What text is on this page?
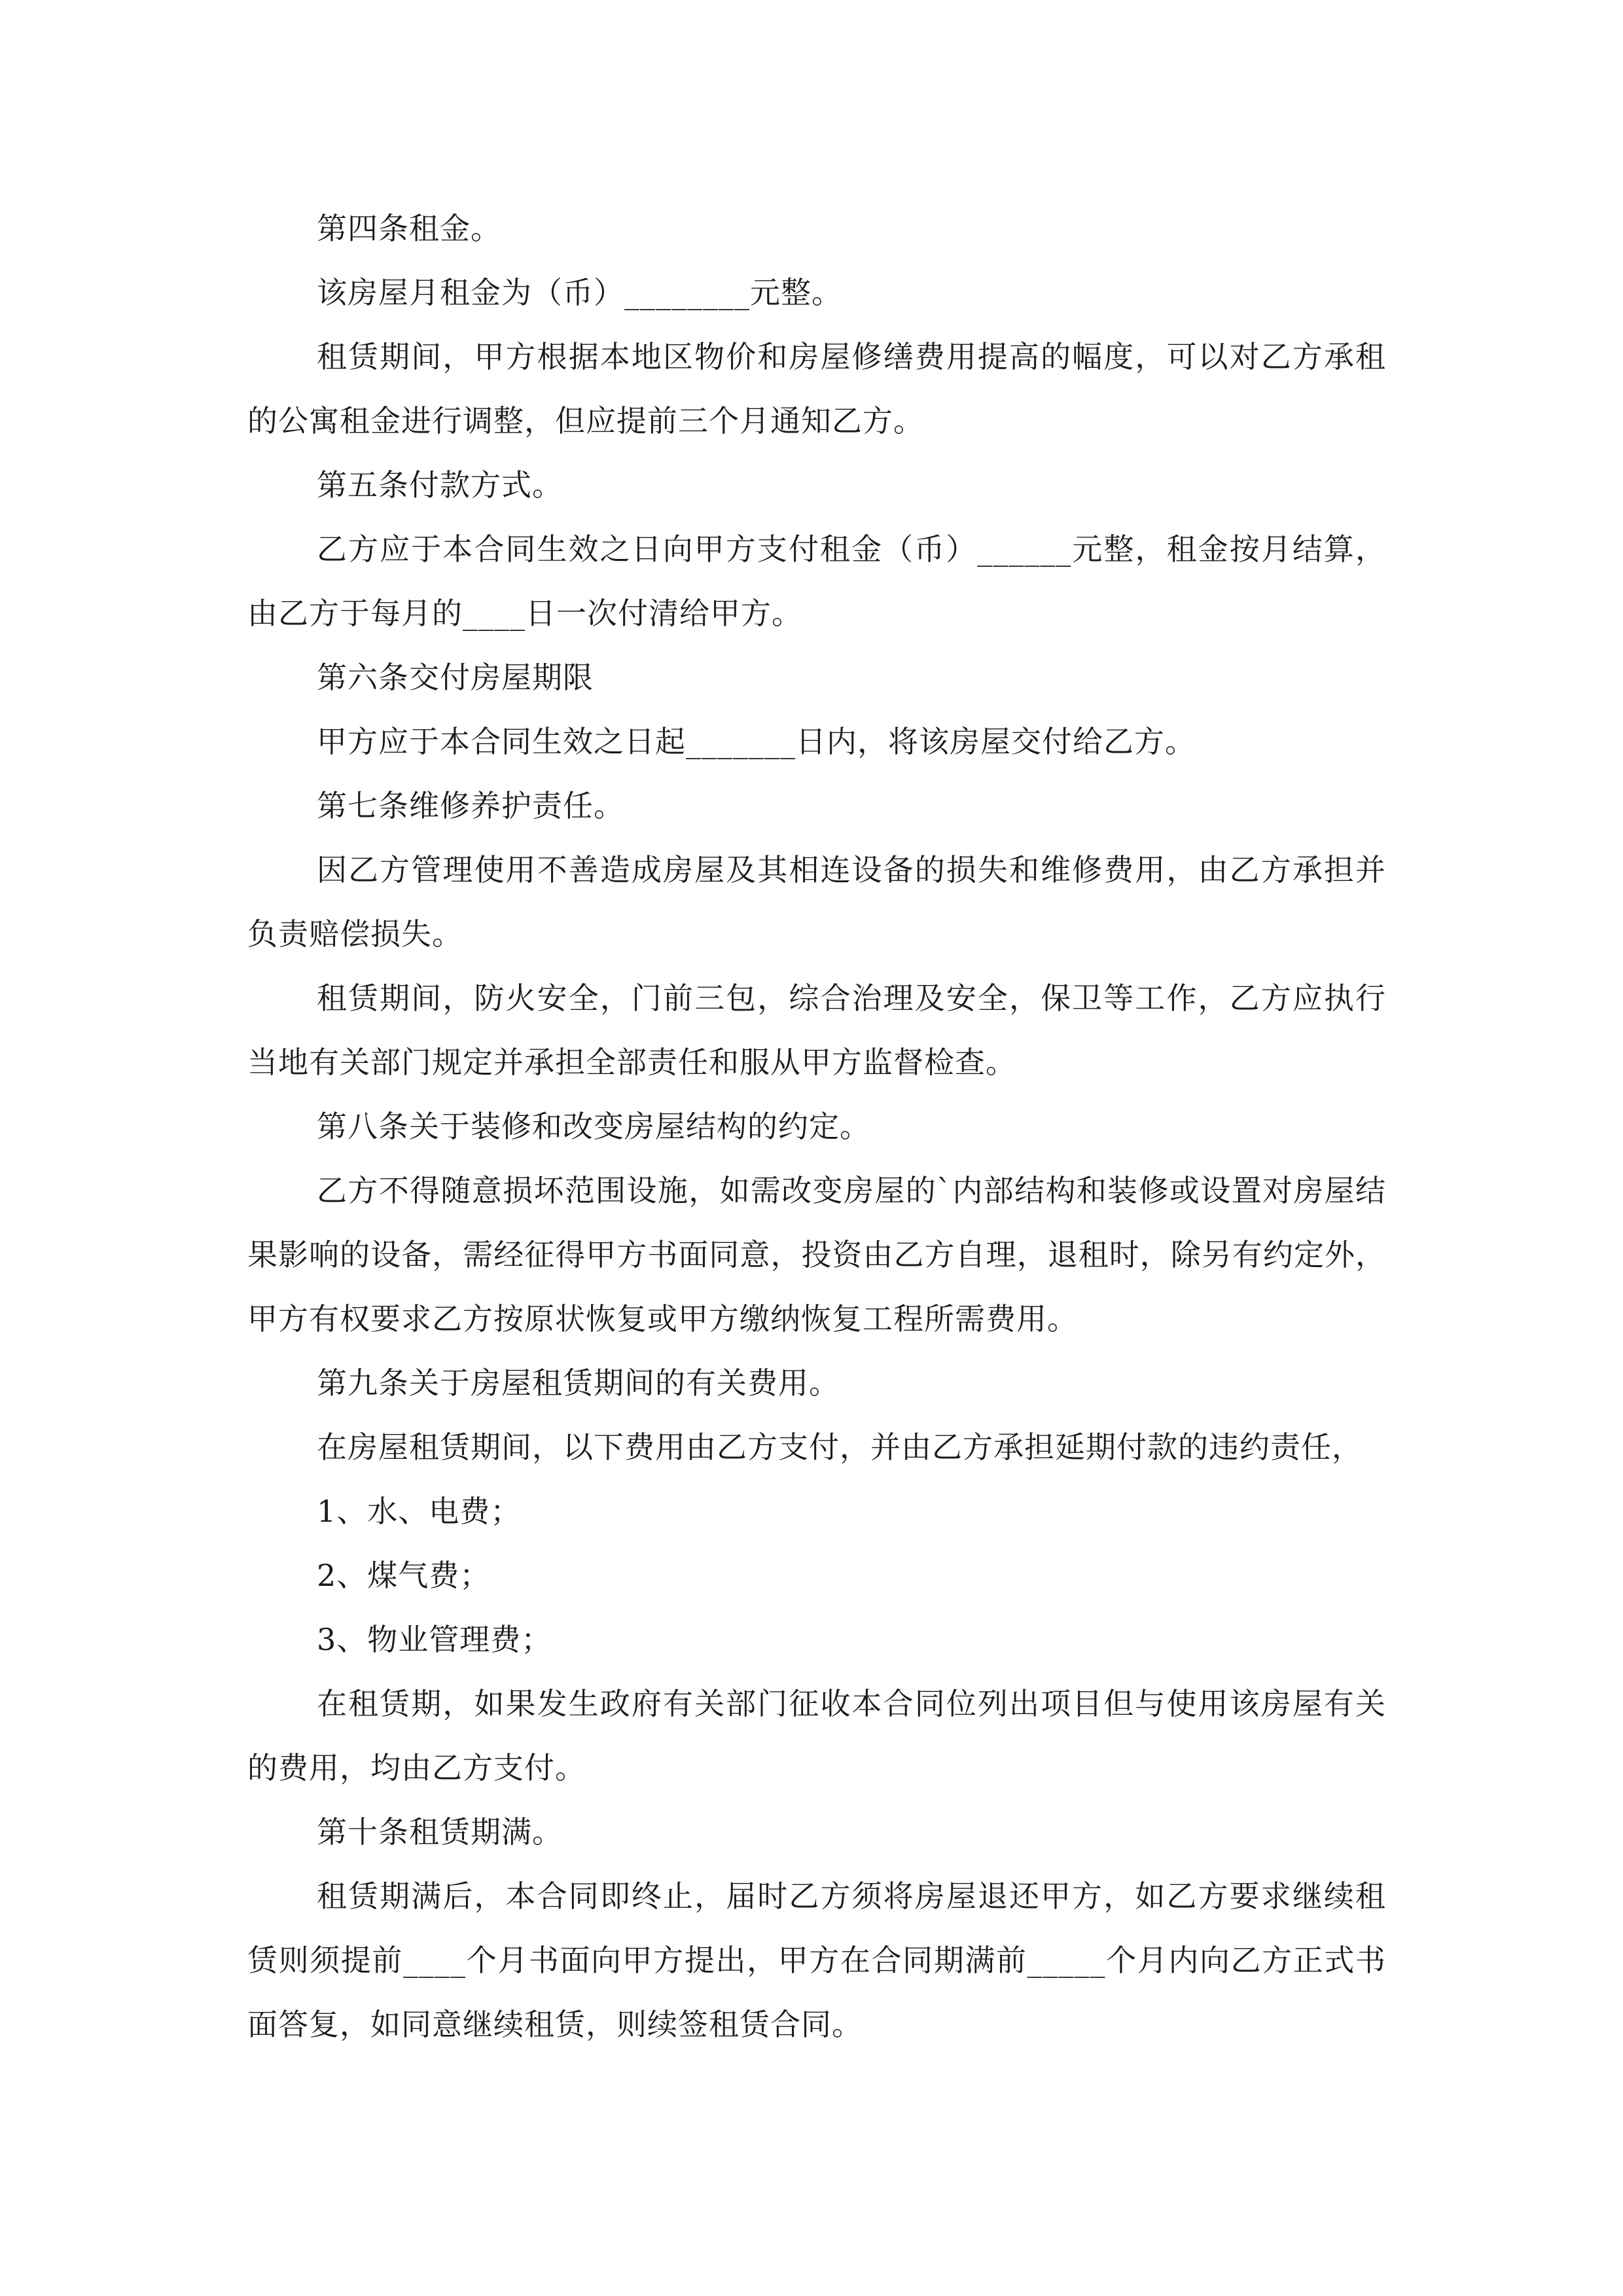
第四条租金。

该房屋月租金为（币）________元整。

租赁期间，甲方根据本地区物价和房屋修缮费用提高的幅度，可以对乙方承租的公寓租金进行调整，但应提前三个月通知乙方。

第五条付款方式。

乙方应于本合同生效之日向甲方支付租金（币）______元整，租金按月结算，由乙方于每月的____日一次付清给甲方。

第六条交付房屋期限

甲方应于本合同生效之日起_______日内，将该房屋交付给乙方。

第七条维修养护责任。

因乙方管理使用不善造成房屋及其相连设备的损失和维修费用，由乙方承担并负责赔偿损失。

租赁期间，防火安全，门前三包，综合治理及安全，保卫等工作，乙方应执行当地有关部门规定并承担全部责任和服从甲方监督检查。

第八条关于装修和改变房屋结构的约定。

乙方不得随意损坏范围设施，如需改变房屋的`内部结构和装修或设置对房屋结果影响的设备，需经征得甲方书面同意，投资由乙方自理，退租时，除另有约定外，甲方有权要求乙方按原状恢复或甲方缴纳恢复工程所需费用。

第九条关于房屋租赁期间的有关费用。

在房屋租赁期间，以下费用由乙方支付，并由乙方承担延期付款的违约责任，

1、水、电费；

2、煤气费；

3、物业管理费；

在租赁期，如果发生政府有关部门征收本合同位列出项目但与使用该房屋有关的费用，均由乙方支付。

第十条租赁期满。

租赁期满后，本合同即终止，届时乙方须将房屋退还甲方，如乙方要求继续租赁则须提前____个月书面向甲方提出，甲方在合同期满前_____个月内向乙方正式书面答复，如同意继续租赁，则续签租赁合同。
